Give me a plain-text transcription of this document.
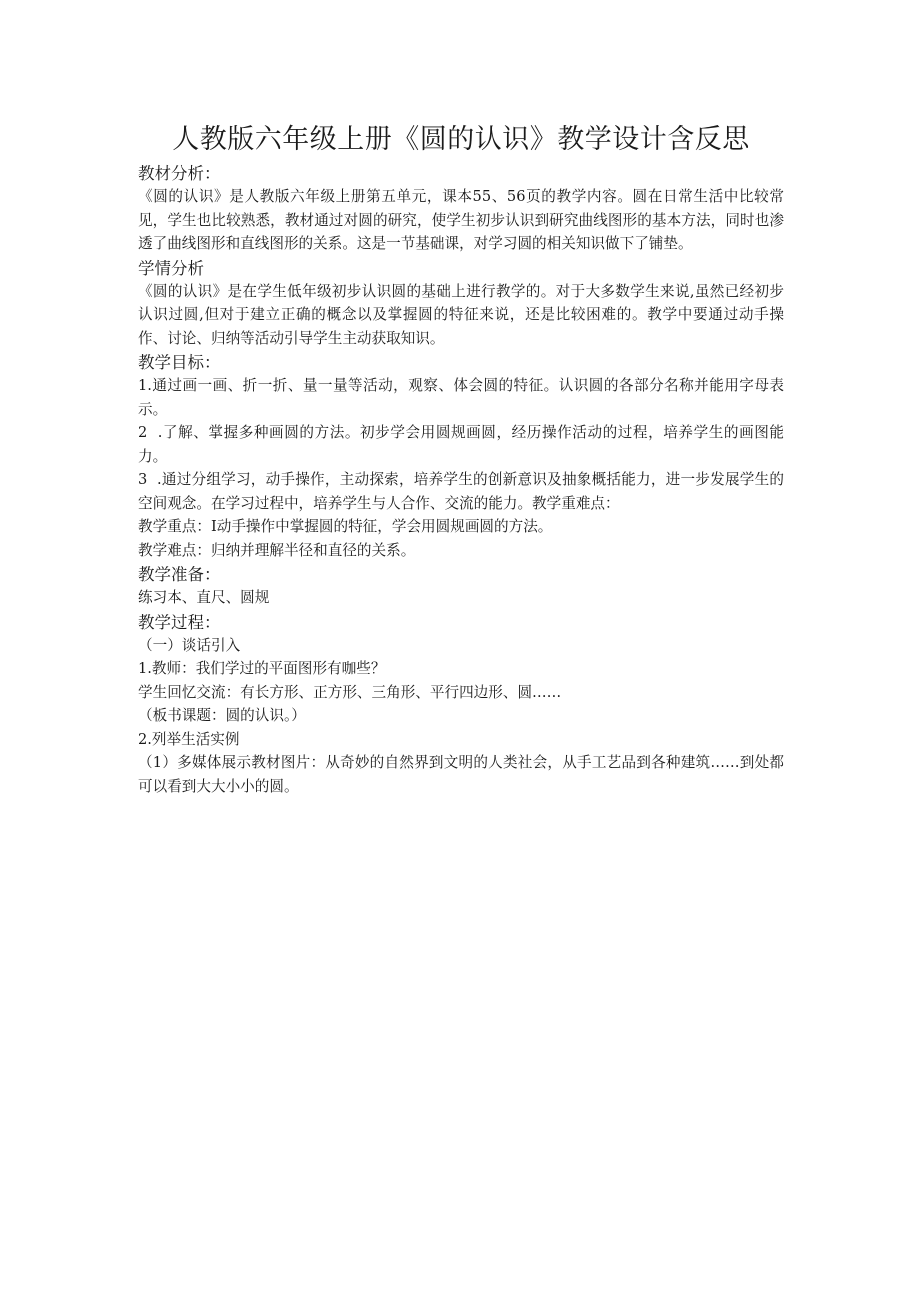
人教版六年级上册《圆的认识》教学设计含反思

教材分析：

《圆的认识》是人教版六年级上册第五单元，课本55、56页的教学内容。圆在日常生活中比较常见，学生也比较熟悉，教材通过对圆的研究，使学生初步认识到研究曲线图形的基本方法，同时也渗透了曲线图形和直线图形的关系。这是一节基础课，对学习圆的相关知识做下了铺垫。

学情分析

《圆的认识》是在学生低年级初步认识圆的基础上进行教学的。对于大多数学生来说,虽然已经初步认识过圆,但对于建立正确的概念以及掌握圆的特征来说，还是比较困难的。教学中要通过动手操作、讨论、归纳等活动引导学生主动获取知识。

教学目标：

1.通过画一画、折一折、量一量等活动，观察、体会圆的特征。认识圆的各部分名称并能用字母表示。

2  .了解、掌握多种画圆的方法。初步学会用圆规画圆，经历操作活动的过程，培养学生的画图能力。

3  .通过分组学习，动手操作，主动探索，培养学生的创新意识及抽象概括能力，进一步发展学生的空间观念。在学习过程中，培养学生与人合作、交流的能力。教学重难点：

教学重点：I动手操作中掌握圆的特征，学会用圆规画圆的方法。

教学难点：归纳并理解半径和直径的关系。

教学准备：

练习本、直尺、圆规

教学过程：

（一）谈话引入

1.教师：我们学过的平面图形有咖些？

学生回忆交流：有长方形、正方形、三角形、平行四边形、圆……

（板书课题：圆的认识。）

2.列举生活实例

（1）多媒体展示教材图片：从奇妙的自然界到文明的人类社会，从手工艺品到各种建筑……到处都可以看到大大小小的圆。
